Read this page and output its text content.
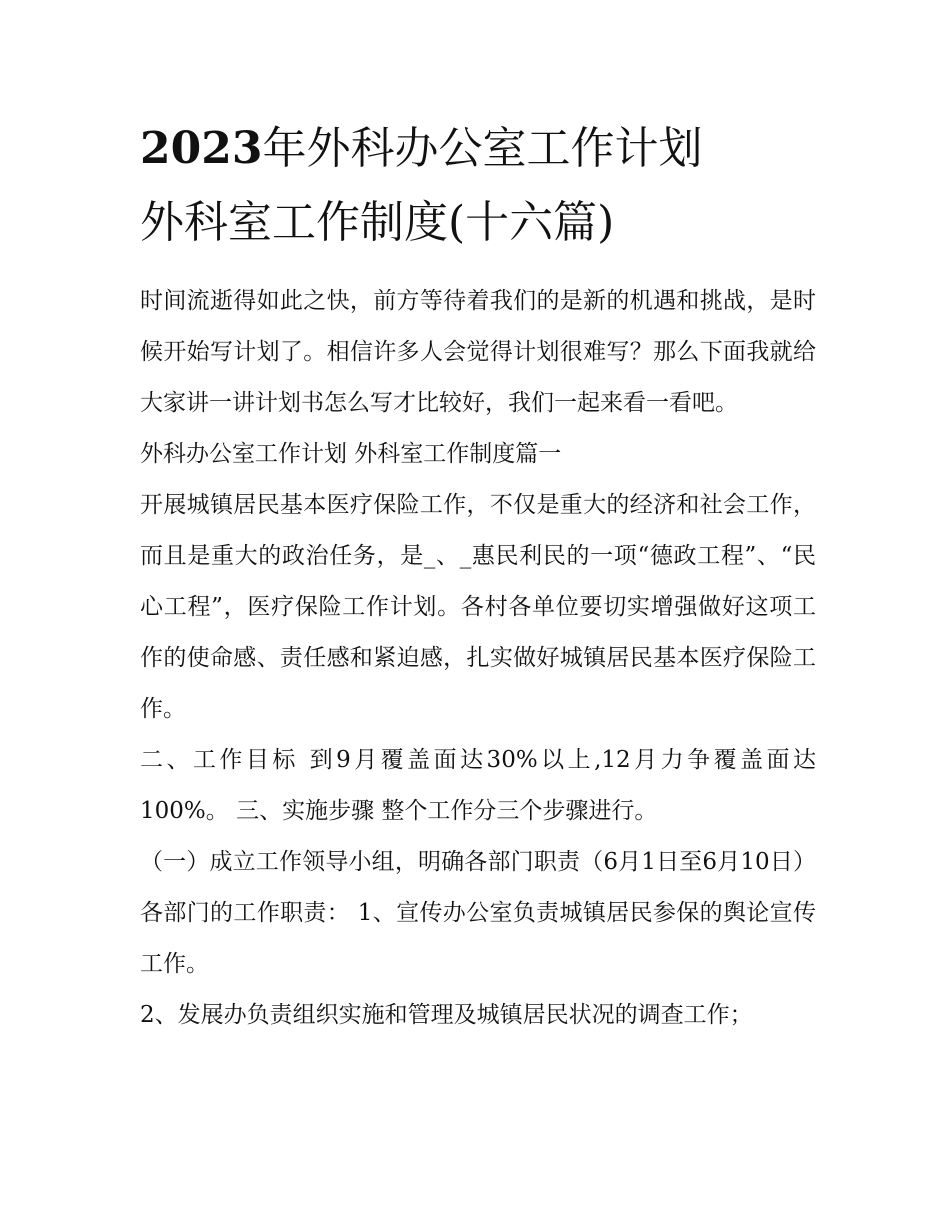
2023年外科办公室工作计划
外科室工作制度(十六篇)

时间流逝得如此之快，前方等待着我们的是新的机遇和挑战，是时候开始写计划了。相信许多人会觉得计划很难写？那么下面我就给大家讲一讲计划书怎么写才比较好，我们一起来看一看吧。

外科办公室工作计划 外科室工作制度篇一

开展城镇居民基本医疗保险工作，不仅是重大的经济和社会工作，而且是重大的政治任务，是_、_惠民利民的一项“德政工程”、“民心工程”，医疗保险工作计划。各村各单位要切实增强做好这项工作的使命感、责任感和紧迫感，扎实做好城镇居民基本医疗保险工作。

二、工作目标 到9月覆盖面达30%以上,12月力争覆盖面达100%。 三、实施步骤 整个工作分三个步骤进行。

（一）成立工作领导小组，明确各部门职责（6月1日至6月10日） 各部门的工作职责： 1、宣传办公室负责城镇居民参保的舆论宣传工作。

2、发展办负责组织实施和管理及城镇居民状况的调查工作；
